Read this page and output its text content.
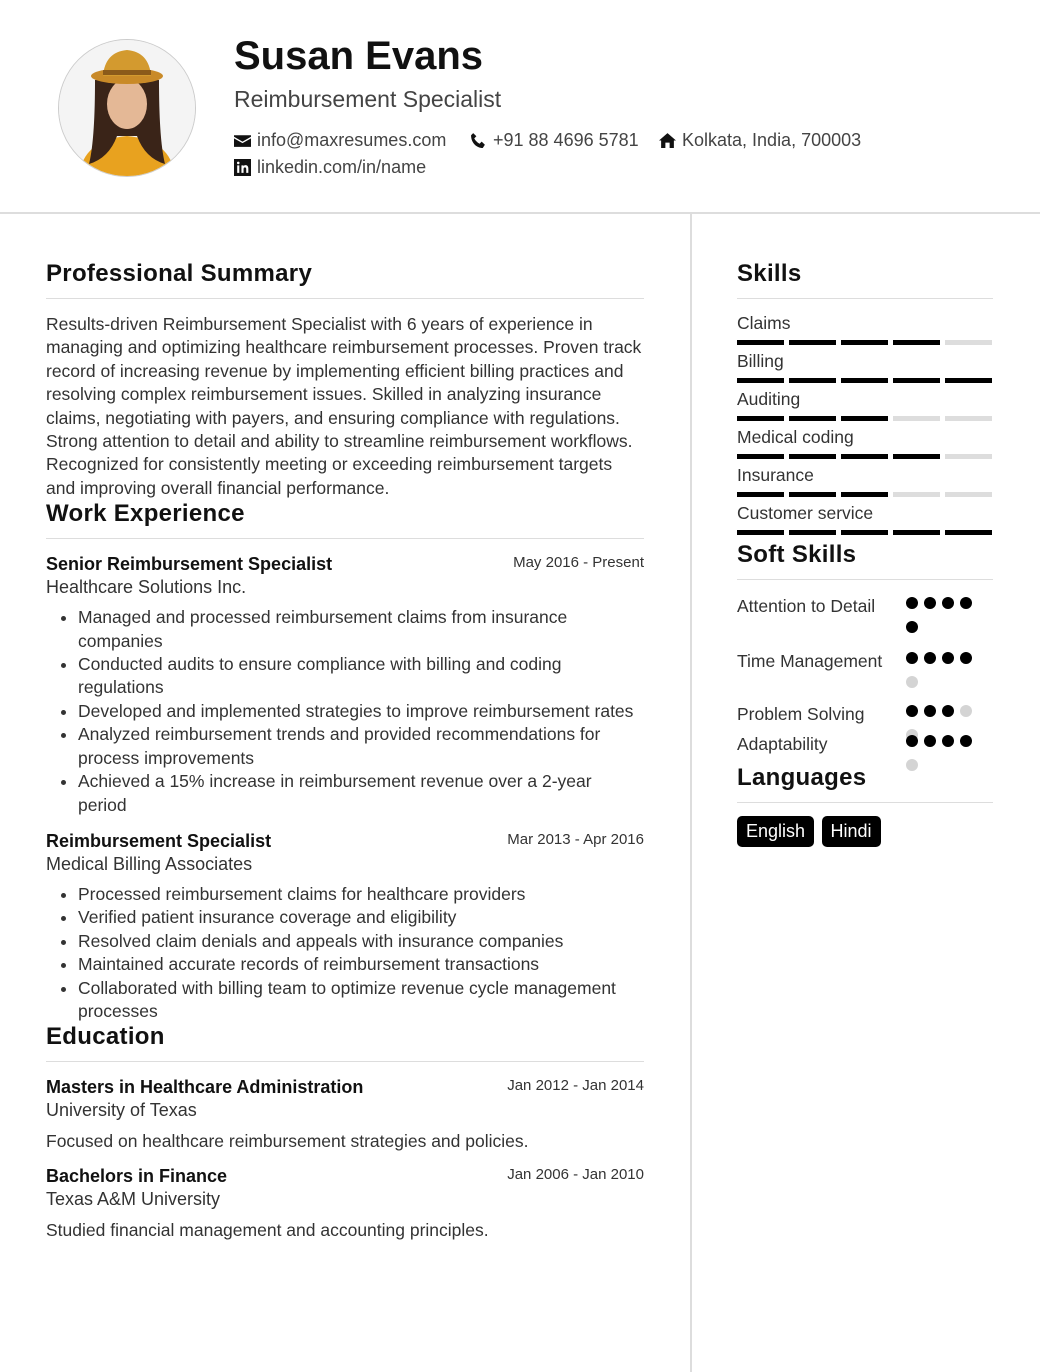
Susan Evans
Reimbursement Specialist
info@maxresumes.com	+91 88 4696 5781 Kolkata, India, 700003
linkedin.com/in/name
Professional Summary

Results-driven Reimbursement Specialist with 6 years of experience in managing and optimizing healthcare reimbursement processes. Proven track record of increasing revenue by implementing efficient billing practices and resolving complex reimbursement issues. Skilled in analyzing insurance claims, negotiating with payers, and ensuring compliance with regulations. Strong attention to detail and ability to streamline reimbursement workflows. Recognized for consistently meeting or exceeding reimbursement targets and improving overall financial performance.

Work Experience
Senior Reimbursement Specialist	May 2016 - Present
Healthcare Solutions Inc.
• Managed and processed reimbursement claims from insurance companies
• Conducted audits to ensure compliance with billing and coding regulations
• Developed and implemented strategies to improve reimbursement rates
• Analyzed reimbursement trends and provided recommendations for process improvements
• Achieved a 15% increase in reimbursement revenue over a 2-year period
Reimbursement Specialist	Mar 2013 - Apr 2016
Medical Billing Associates
• Processed reimbursement claims for healthcare providers
• Verified patient insurance coverage and eligibility
• Resolved claim denials and appeals with insurance companies
• Maintained accurate records of reimbursement transactions
• Collaborated with billing team to optimize revenue cycle management processes
Education
Masters in Healthcare Administration	Jan 2012 - Jan 2014
University of Texas
Focused on healthcare reimbursement strategies and policies.
Bachelors in Finance	Jan 2006 - Jan 2010
Texas A&M University
Studied financial management and accounting principles.
Skills
Claims
Billing
Auditing
Medical coding
Insurance
Customer service
Soft Skills
Attention to Detail
Time Management
Problem Solving
Adaptability
Languages
English Hindi
